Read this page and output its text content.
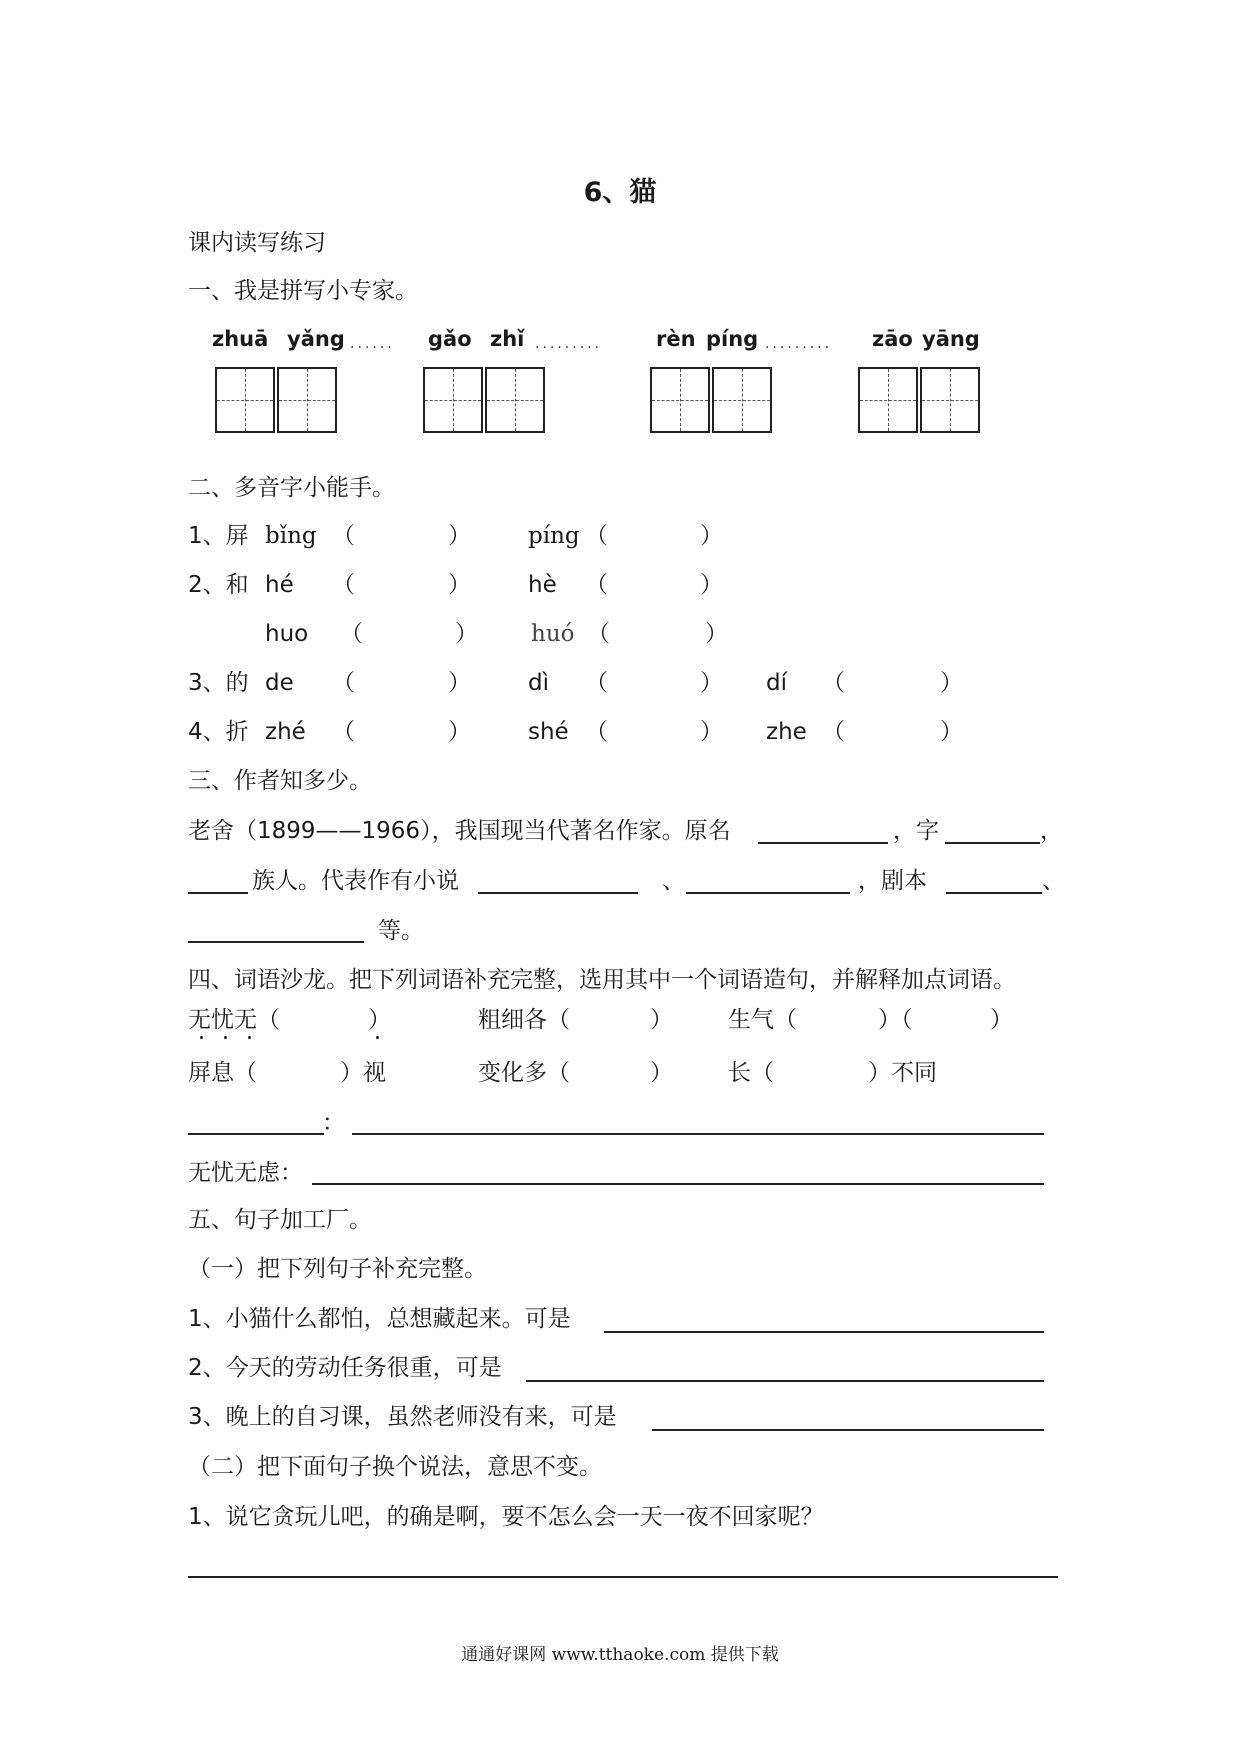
6、猫
课内读写练习
一、我是拼写小专家。
zhuā yǎng ...... gǎo zhǐ .........	rèn píng ......... zāo yāng
二、多音字小能手。
1、屏 bǐng （	） píng （	）
2、和 hé （	） hè （	）
huo （	） huó （	）
3、的 de （	） dì （	） dí （	）
4、折 zhé （	） shé （	） zhe （	）
三、作者知多少。
老舍（1899——1966），我国现当代著名作家。原名	，字	，
族人。代表作有小说	、	，剧本	、
等。
四、词语沙龙。把下列词语补充完整，选用其中一个词语造句，并解释加点词语。
无忧无（	）	粗细各（	） 生气（	）（	）
屏息（	）视	变化多（	） 长（	）不同
：
无忧无虑：
五、句子加工厂。
（一）把下列句子补充完整。
1、小猫什么都怕，总想藏起来。可是
2、今天的劳动任务很重，可是
3、晚上的自习课，虽然老师没有来，可是
（二）把下面句子换个说法，意思不变。
1、说它贪玩儿吧，的确是啊，要不怎么会一天一夜不回家呢？
通通好课网 www.tthaoke.com 提供下载
